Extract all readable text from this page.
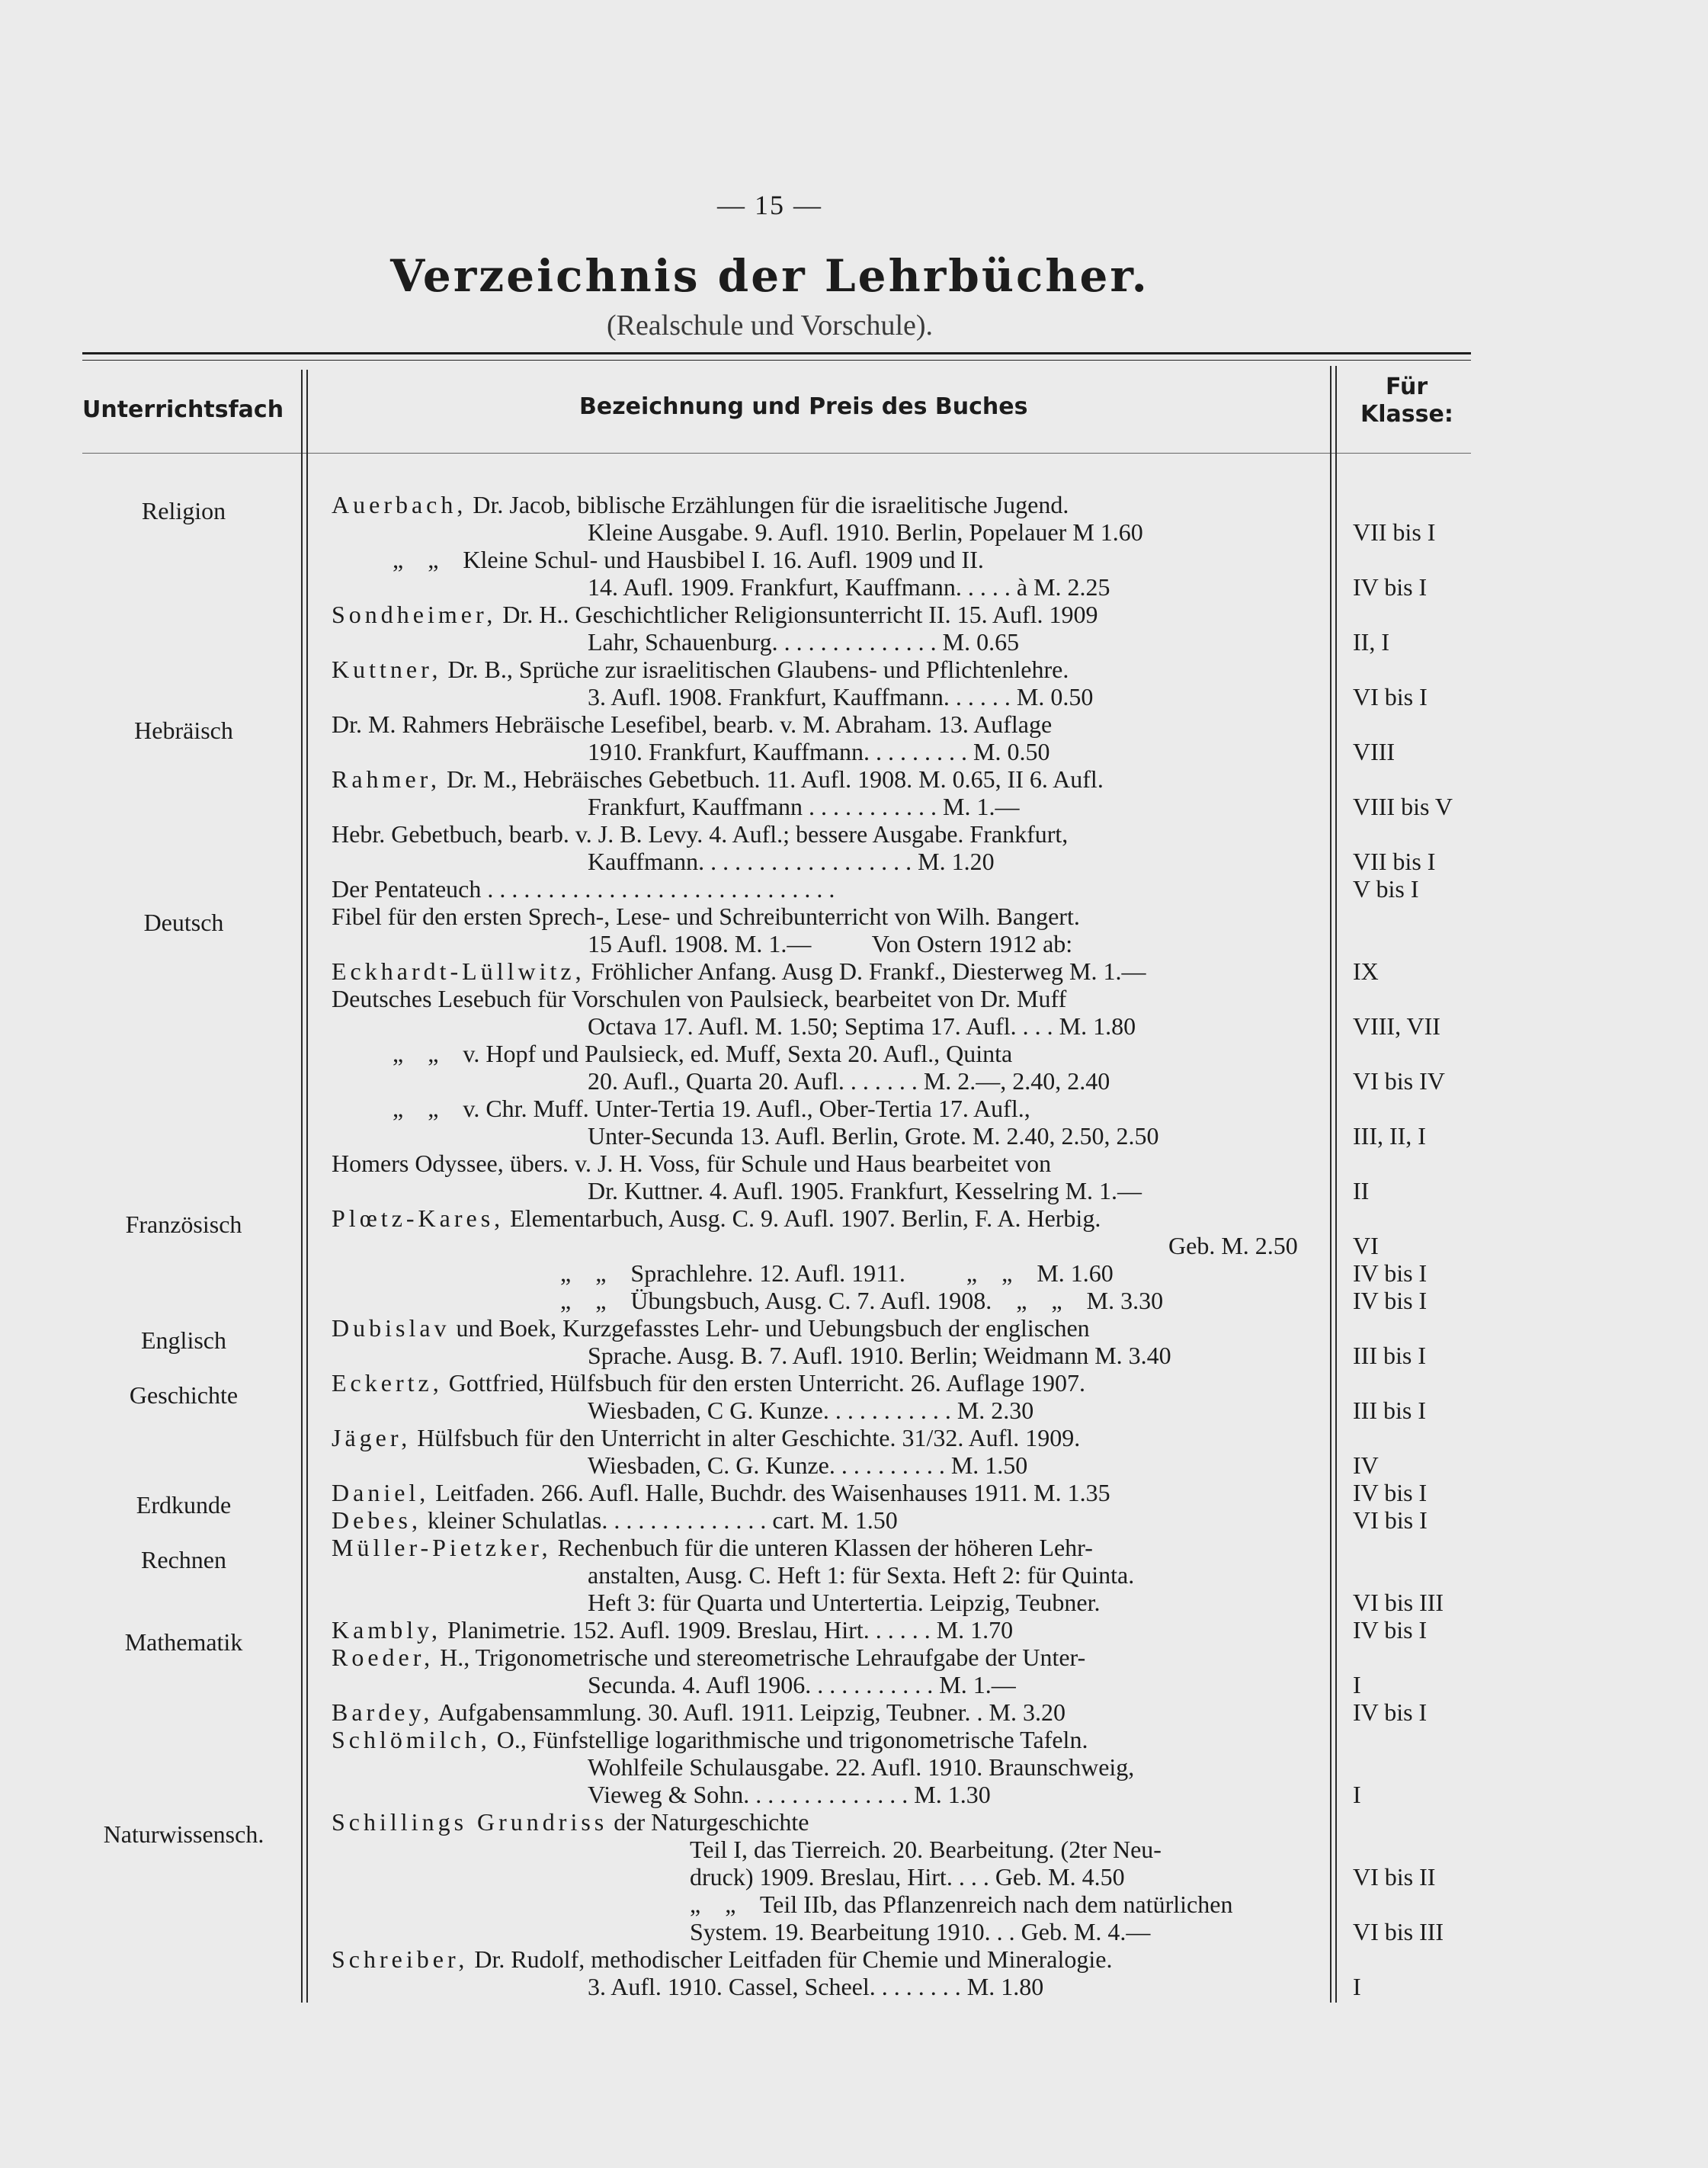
— 15 —
Verzeichnis der Lehrbücher.
(Realschule und Vorschule).
Unterrichtsfach	Bezeichnung und Preis des Buches
Für
Klasse:
Religion
Hebräisch
Deutsch
Französisch
Englisch
Geschichte
Erdkunde
Rechnen
Mathematik
Naturwissensch.
Auerbach, Dr. Jacob, biblische Erzählungen für die israelitische Jugend.
Kleine Ausgabe. 9. Aufl. 1910. Berlin, Popelauer M 1.60
„    „    Kleine Schul- und Hausbibel I. 16. Aufl. 1909 und II.
14. Aufl. 1909. Frankfurt, Kauffmann. . . . . à M. 2.25
Sondheimer, Dr. H.. Geschichtlicher Religionsunterricht II. 15. Aufl. 1909
Lahr, Schauenburg. . . . . . . . . . . . . . M. 0.65
Kuttner, Dr. B., Sprüche zur israelitischen Glaubens- und Pflichtenlehre.
3. Aufl. 1908. Frankfurt, Kauffmann. . . . . . M. 0.50
Dr. M. Rahmers Hebräische Lesefibel, bearb. v. M. Abraham. 13. Auflage
1910. Frankfurt, Kauffmann. . . . . . . . . M. 0.50
Rahmer, Dr. M., Hebräisches Gebetbuch. 11. Aufl. 1908. M. 0.65, II 6. Aufl.
Frankfurt, Kauffmann . . . . . . . . . . . M. 1.—
Hebr. Gebetbuch, bearb. v. J. B. Levy. 4. Aufl.; bessere Ausgabe. Frankfurt,
Kauffmann. . . . . . . . . . . . . . . . . . M. 1.20
Der Pentateuch . . . . . . . . . . . . . . . . . . . . . . . . . . . . .
Fibel für den ersten Sprech-, Lese- und Schreibunterricht von Wilh. Bangert.
15 Aufl. 1908. M. 1.—          Von Ostern 1912 ab:
Eckhardt-Lüllwitz, Fröhlicher Anfang. Ausg D. Frankf., Diesterweg M. 1.—
Deutsches Lesebuch für Vorschulen von Paulsieck, bearbeitet von Dr. Muff
Octava 17. Aufl. M. 1.50; Septima 17. Aufl. . . . M. 1.80
„    „    v. Hopf und Paulsieck, ed. Muff, Sexta 20. Aufl., Quinta
20. Aufl., Quarta 20. Aufl. . . . . . . M. 2.—, 2.40, 2.40
„    „    v. Chr. Muff. Unter-Tertia 19. Aufl., Ober-Tertia 17. Aufl.,
Unter-Secunda 13. Aufl. Berlin, Grote. M. 2.40, 2.50, 2.50
Homers Odyssee, übers. v. J. H. Voss, für Schule und Haus bearbeitet von
Dr. Kuttner. 4. Aufl. 1905. Frankfurt, Kesselring M. 1.—
Plœtz-Kares, Elementarbuch, Ausg. C. 9. Aufl. 1907. Berlin, F. A. Herbig.
Geb. M. 2.50
„    „    Sprachlehre. 12. Aufl. 1911.          „    „    M. 1.60
„    „    Übungsbuch, Ausg. C. 7. Aufl. 1908.    „    „    M. 3.30
Dubislav und Boek, Kurzgefasstes Lehr- und Uebungsbuch der englischen
Sprache. Ausg. B. 7. Aufl. 1910. Berlin; Weidmann M. 3.40
Eckertz, Gottfried, Hülfsbuch für den ersten Unterricht. 26. Auflage 1907.
Wiesbaden, C G. Kunze. . . . . . . . . . . M. 2.30
Jäger, Hülfsbuch für den Unterricht in alter Geschichte. 31/32. Aufl. 1909.
Wiesbaden, C. G. Kunze. . . . . . . . . . M. 1.50
Daniel, Leitfaden. 266. Aufl. Halle, Buchdr. des Waisenhauses 1911. M. 1.35
Debes, kleiner Schulatlas. . . . . . . . . . . . . . cart. M. 1.50
Müller-Pietzker, Rechenbuch für die unteren Klassen der höheren Lehr-
anstalten, Ausg. C. Heft 1: für Sexta. Heft 2: für Quinta.
Heft 3: für Quarta und Untertertia. Leipzig, Teubner.
Kambly, Planimetrie. 152. Aufl. 1909. Breslau, Hirt. . . . . . M. 1.70
Roeder, H., Trigonometrische und stereometrische Lehraufgabe der Unter-
Secunda. 4. Aufl 1906. . . . . . . . . . . M. 1.—
Bardey, Aufgabensammlung. 30. Aufl. 1911. Leipzig, Teubner. . M. 3.20
Schlömilch, O., Fünfstellige logarithmische und trigonometrische Tafeln.
Wohlfeile Schulausgabe. 22. Aufl. 1910. Braunschweig,
Vieweg & Sohn. . . . . . . . . . . . . . M. 1.30
Schillings Grundriss der Naturgeschichte
Teil I, das Tierreich. 20. Bearbeitung. (2ter Neu-
druck) 1909. Breslau, Hirt. . . . Geb. M. 4.50
„    „    Teil IIb, das Pflanzenreich nach dem natürlichen
System. 19. Bearbeitung 1910. . . Geb. M. 4.—
Schreiber, Dr. Rudolf, methodischer Leitfaden für Chemie und Mineralogie.
3. Aufl. 1910. Cassel, Scheel. . . . . . . . M. 1.80
VII bis I
IV bis I
II, I
VI bis I
VIII
VIII bis V
VII bis I
V bis I
IX
VIII, VII
VI bis IV
III, II, I
II
VI
IV bis I
IV bis I
III bis I
III bis I
IV
IV bis I
VI bis I
VI bis III
IV bis I
I
IV bis I
I
VI bis II
VI bis III
I
